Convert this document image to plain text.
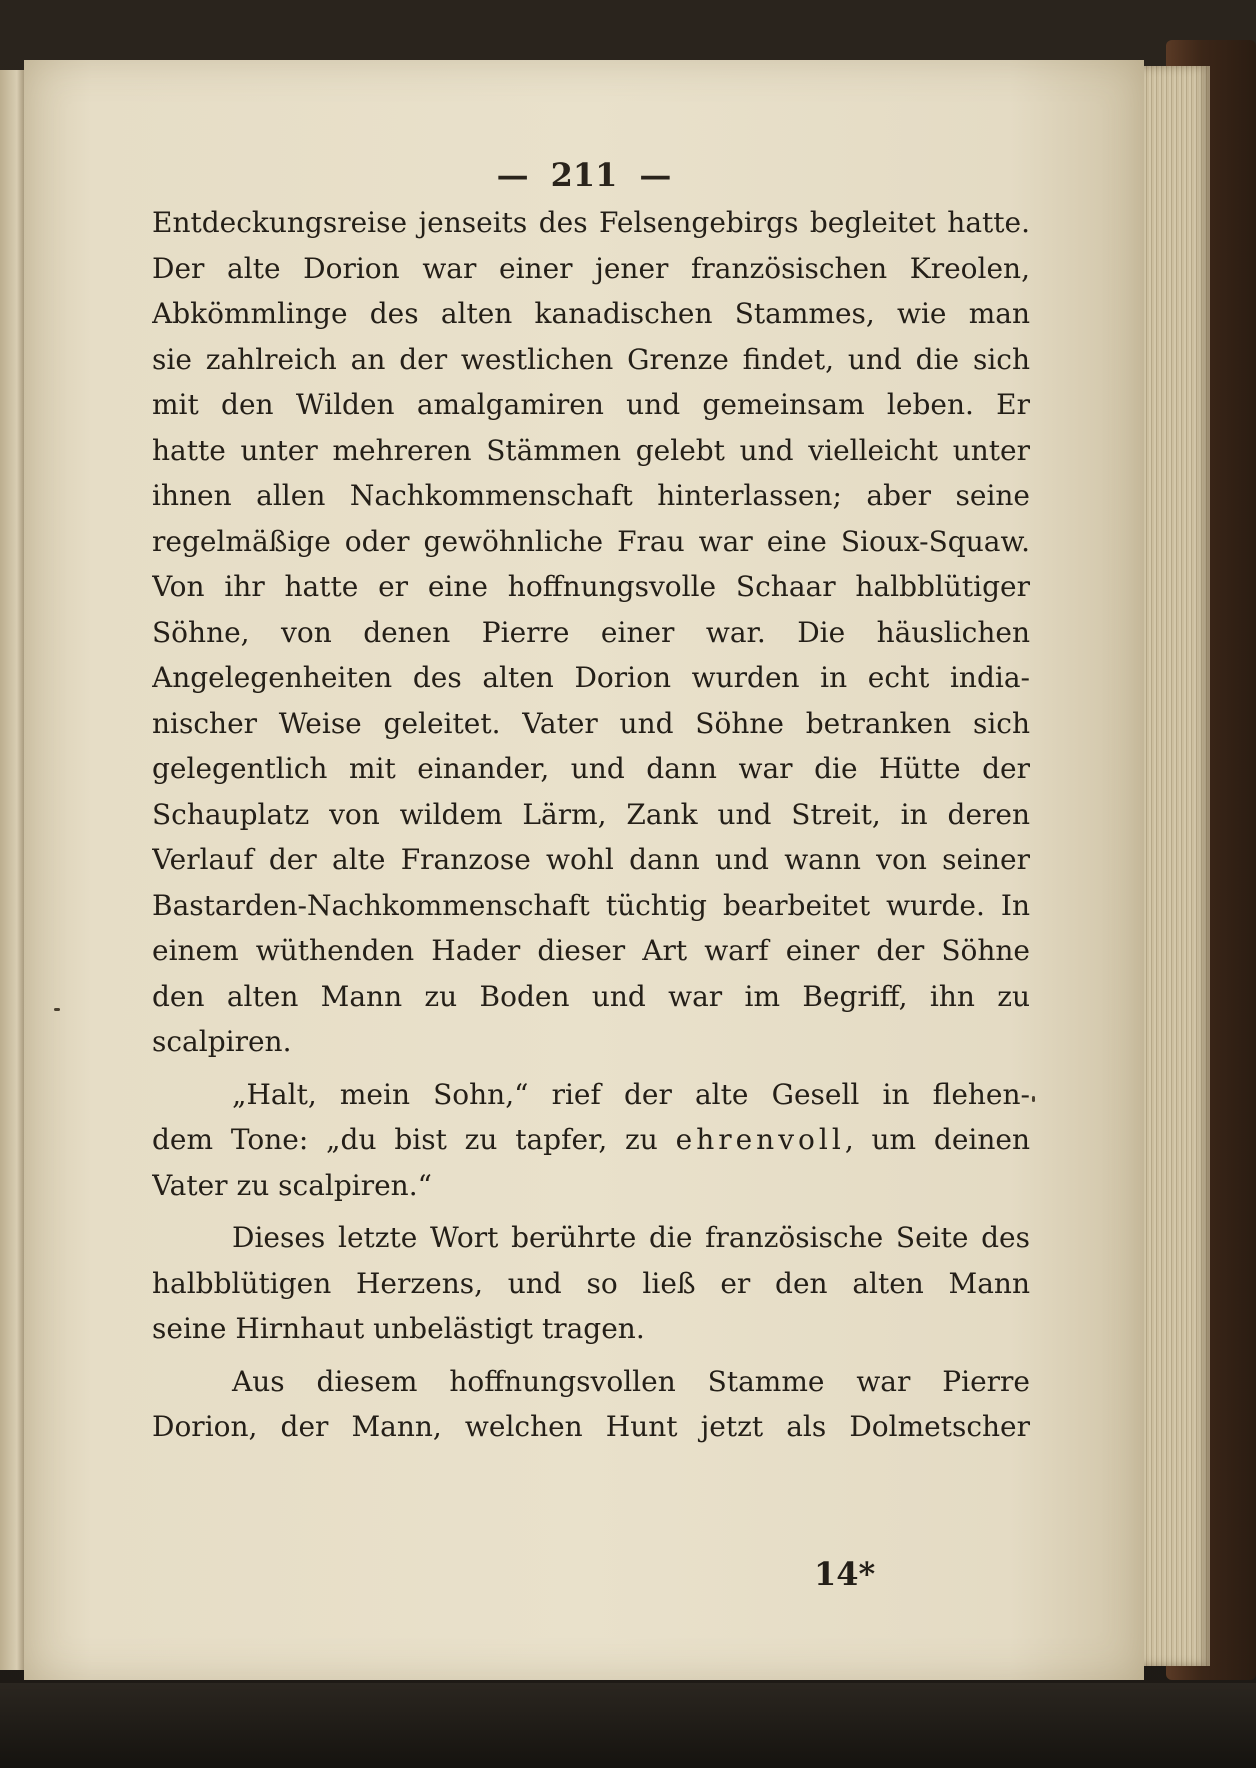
— 211 —
Entdeckungsreise jenseits des Felsengebirgs begleitet hatte.
Der alte Dorion war einer jener französischen Kreolen,
Abkömmlinge des alten kanadischen Stammes, wie man
sie zahlreich an der westlichen Grenze findet, und die sich
mit den Wilden amalgamiren und gemeinsam leben. Er
hatte unter mehreren Stämmen gelebt und vielleicht unter
ihnen allen Nachkommenschaft hinterlassen; aber seine
regelmäßige oder gewöhnliche Frau war eine Sioux-Squaw.
Von ihr hatte er eine hoffnungsvolle Schaar halbblütiger
Söhne, von denen Pierre einer war. Die häuslichen
Angelegenheiten des alten Dorion wurden in echt india-
nischer Weise geleitet. Vater und Söhne betranken sich
gelegentlich mit einander, und dann war die Hütte der
Schauplatz von wildem Lärm, Zank und Streit, in deren
Verlauf der alte Franzose wohl dann und wann von seiner
Bastarden-Nachkommenschaft tüchtig bearbeitet wurde. In
einem wüthenden Hader dieser Art warf einer der Söhne
den alten Mann zu Boden und war im Begriff, ihn zu
scalpiren.
„Halt, mein Sohn,“ rief der alte Gesell in flehen-
dem Tone: „du bist zu tapfer, zu ehrenvoll, um deinen
Vater zu scalpiren.“
Dieses letzte Wort berührte die französische Seite des
halbblütigen Herzens, und so ließ er den alten Mann
seine Hirnhaut unbelästigt tragen.
Aus diesem hoffnungsvollen Stamme war Pierre
Dorion, der Mann, welchen Hunt jetzt als Dolmetscher
14*
